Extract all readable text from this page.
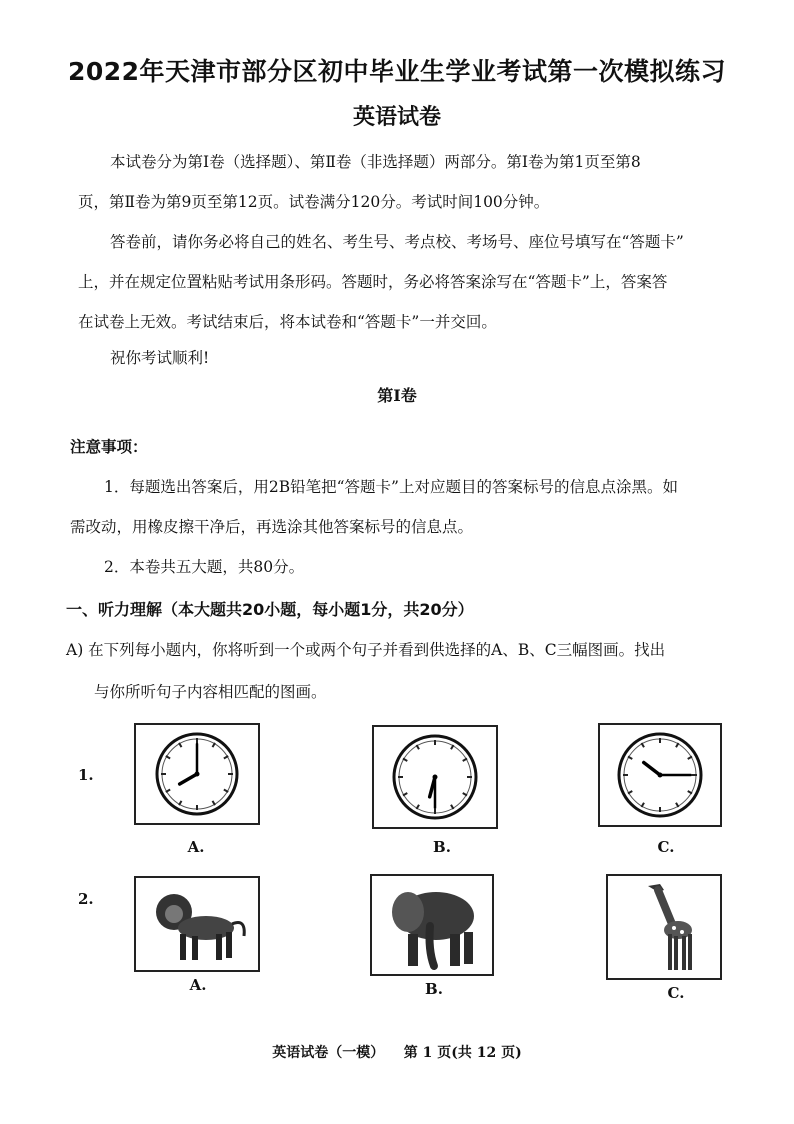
2022年天津市部分区初中毕业生学业考试第一次模拟练习
英语试卷
本试卷分为第Ⅰ卷（选择题）、第Ⅱ卷（非选择题）两部分。第Ⅰ卷为第1页至第8
页，第Ⅱ卷为第9页至第12页。试卷满分120分。考试时间100分钟。
答卷前，请你务必将自己的姓名、考生号、考点校、考场号、座位号填写在“答题卡”
上，并在规定位置粘贴考试用条形码。答题时，务必将答案涂写在“答题卡”上，答案答
在试卷上无效。考试结束后，将本试卷和“答题卡”一并交回。
祝你考试顺利!
第Ⅰ卷
注意事项：
1．每题选出答案后，用2B铅笔把“答题卡”上对应题目的答案标号的信息点涂黑。如
需改动，用橡皮擦干净后，再选涂其他答案标号的信息点。
2．本卷共五大题，共80分。
一、听力理解（本大题共20小题，每小题1分，共20分）
A) 在下列每小题内，你将听到一个或两个句子并看到供选择的A、B、C三幅图画。找出
与你所听句子内容相匹配的图画。
1.
A.	B.	C.
2.
A.	B.	C.
英语试卷（一模）    第 1 页(共 12 页)
